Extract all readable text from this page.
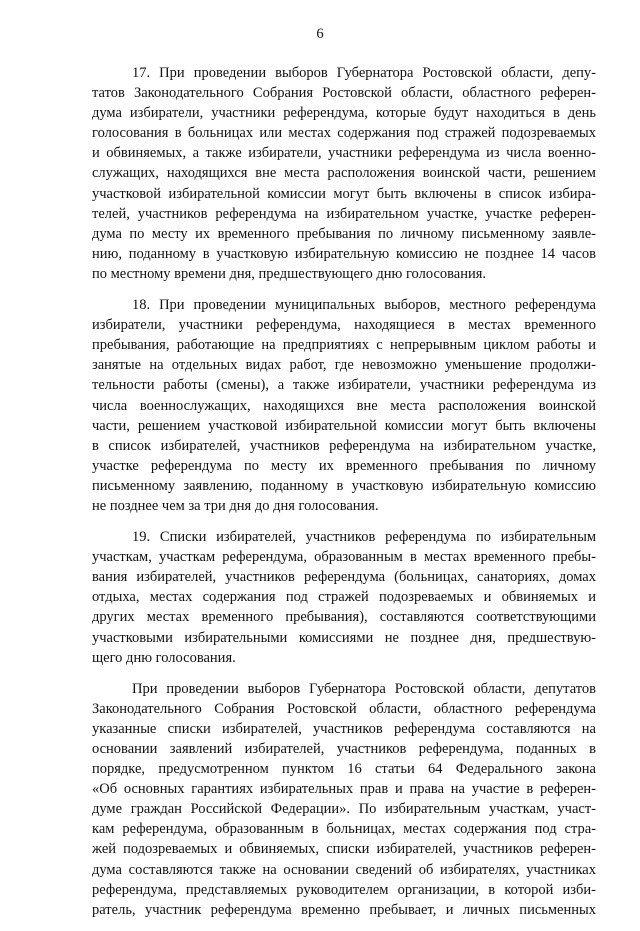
6
17. При проведении выборов Губернатора Ростовской области, депу-
татов Законодательного Собрания Ростовской области, областного референ-
дума избиратели, участники референдума, которые будут находиться в день
голосования в больницах или местах содержания под стражей подозреваемых
и обвиняемых, а также избиратели, участники референдума из числа военно-
служащих, находящихся вне места расположения воинской части, решением
участковой избирательной комиссии могут быть включены в список избира-
телей, участников референдума на избирательном участке, участке референ-
дума по месту их временного пребывания по личному письменному заявле-
нию, поданному в участковую избирательную комиссию не позднее 14 часов
по местному времени дня, предшествующего дню голосования.
18. При проведении муниципальных выборов, местного референдума
избиратели, участники референдума, находящиеся в местах временного
пребывания, работающие на предприятиях с непрерывным циклом работы и
занятые на отдельных видах работ, где невозможно уменьшение продолжи-
тельности работы (смены), а также избиратели, участники референдума из
числа военнослужащих, находящихся вне места расположения воинской
части, решением участковой избирательной комиссии могут быть включены
в список избирателей, участников референдума на избирательном участке,
участке референдума по месту их временного пребывания по личному
письменному заявлению, поданному в участковую избирательную комиссию
не позднее чем за три дня до дня голосования.
19. Списки избирателей, участников референдума по избирательным
участкам, участкам референдума, образованным в местах временного пребы-
вания избирателей, участников референдума (больницах, санаториях, домах
отдыха, местах содержания под стражей подозреваемых и обвиняемых и
других местах временного пребывания), составляются соответствующими
участковыми избирательными комиссиями не позднее дня, предшествую-
щего дню голосования.
При проведении выборов Губернатора Ростовской области, депутатов
Законодательного Собрания Ростовской области, областного референдума
указанные списки избирателей, участников референдума составляются на
основании заявлений избирателей, участников референдума, поданных в
порядке, предусмотренном пунктом 16 статьи 64 Федерального закона
«Об основных гарантиях избирательных прав и права на участие в референ-
думе граждан Российской Федерации». По избирательным участкам, участ-
кам референдума, образованным в больницах, местах содержания под стра-
жей подозреваемых и обвиняемых, списки избирателей, участников референ-
дума составляются также на основании сведений об избирателях, участниках
референдума, представляемых руководителем организации, в которой изби-
ратель, участник референдума временно пребывает, и личных письменных
